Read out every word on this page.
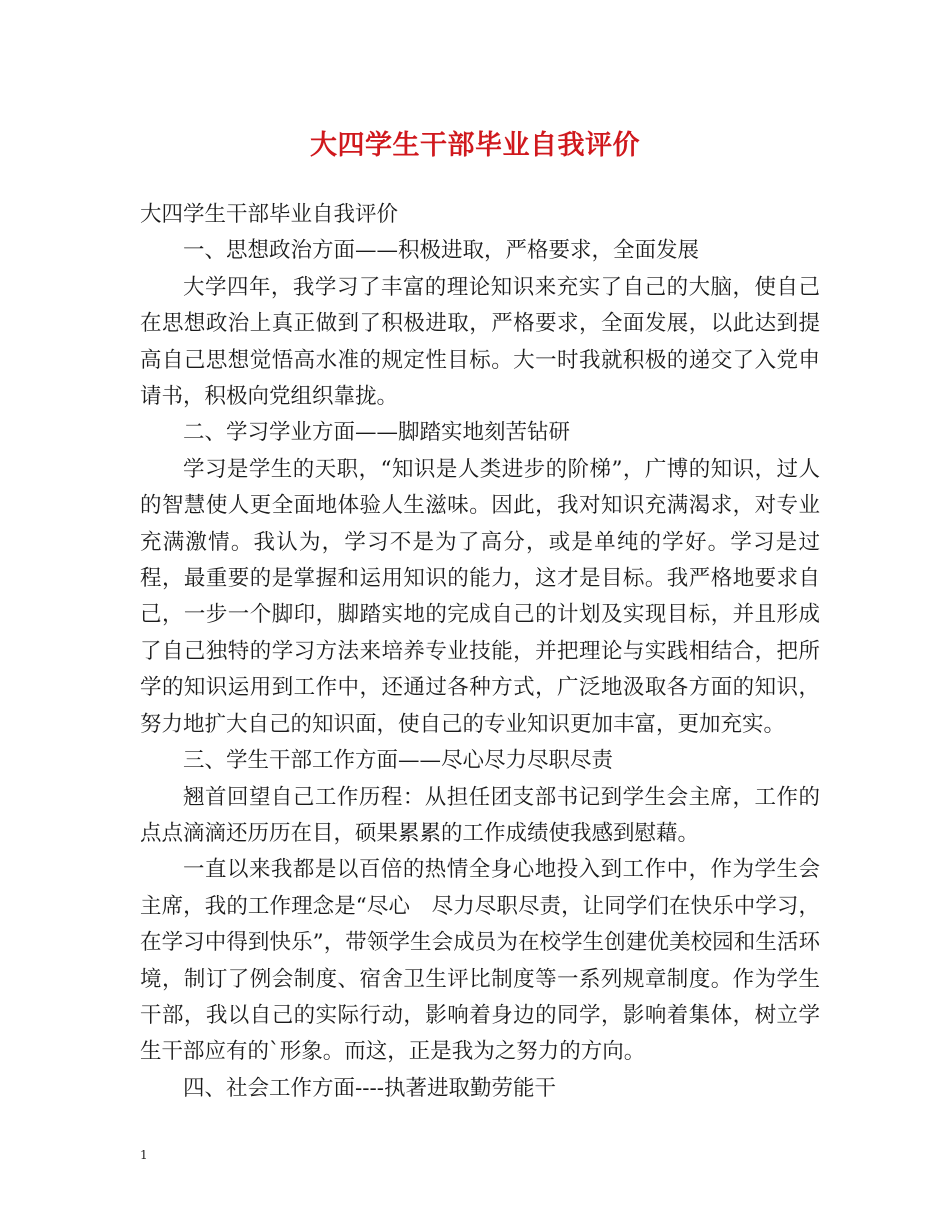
大四学生干部毕业自我评价

大四学生干部毕业自我评价

一、思想政治方面——积极进取，严格要求，全面发展

大学四年，我学习了丰富的理论知识来充实了自己的大脑，使自己在思想政治上真正做到了积极进取，严格要求，全面发展，以此达到提高自己思想觉悟高水准的规定性目标。大一时我就积极的递交了入党申请书，积极向党组织靠拢。

二、学习学业方面——脚踏实地刻苦钻研

学习是学生的天职，“知识是人类进步的阶梯”，广博的知识，过人的智慧使人更全面地体验人生滋味。因此，我对知识充满渴求，对专业充满激情。我认为，学习不是为了高分，或是单纯的学好。学习是过程，最重要的是掌握和运用知识的能力，这才是目标。我严格地要求自己，一步一个脚印，脚踏实地的完成自己的计划及实现目标，并且形成了自己独特的学习方法来培养专业技能，并把理论与实践相结合，把所学的知识运用到工作中，还通过各种方式，广泛地汲取各方面的知识，努力地扩大自己的知识面，使自己的专业知识更加丰富，更加充实。

三、学生干部工作方面——尽心尽力尽职尽责

翘首回望自己工作历程：从担任团支部书记到学生会主席，工作的点点滴滴还历历在目，硕果累累的工作成绩使我感到慰藉。

一直以来我都是以百倍的热情全身心地投入到工作中，作为学生会主席，我的工作理念是“尽心　尽力尽职尽责，让同学们在快乐中学习，在学习中得到快乐”，带领学生会成员为在校学生创建优美校园和生活环境，制订了例会制度、宿舍卫生评比制度等一系列规章制度。作为学生干部，我以自己的实际行动，影响着身边的同学，影响着集体，树立学生干部应有的`形象。而这，正是我为之努力的方向。

四、社会工作方面----执著进取勤劳能干

1
